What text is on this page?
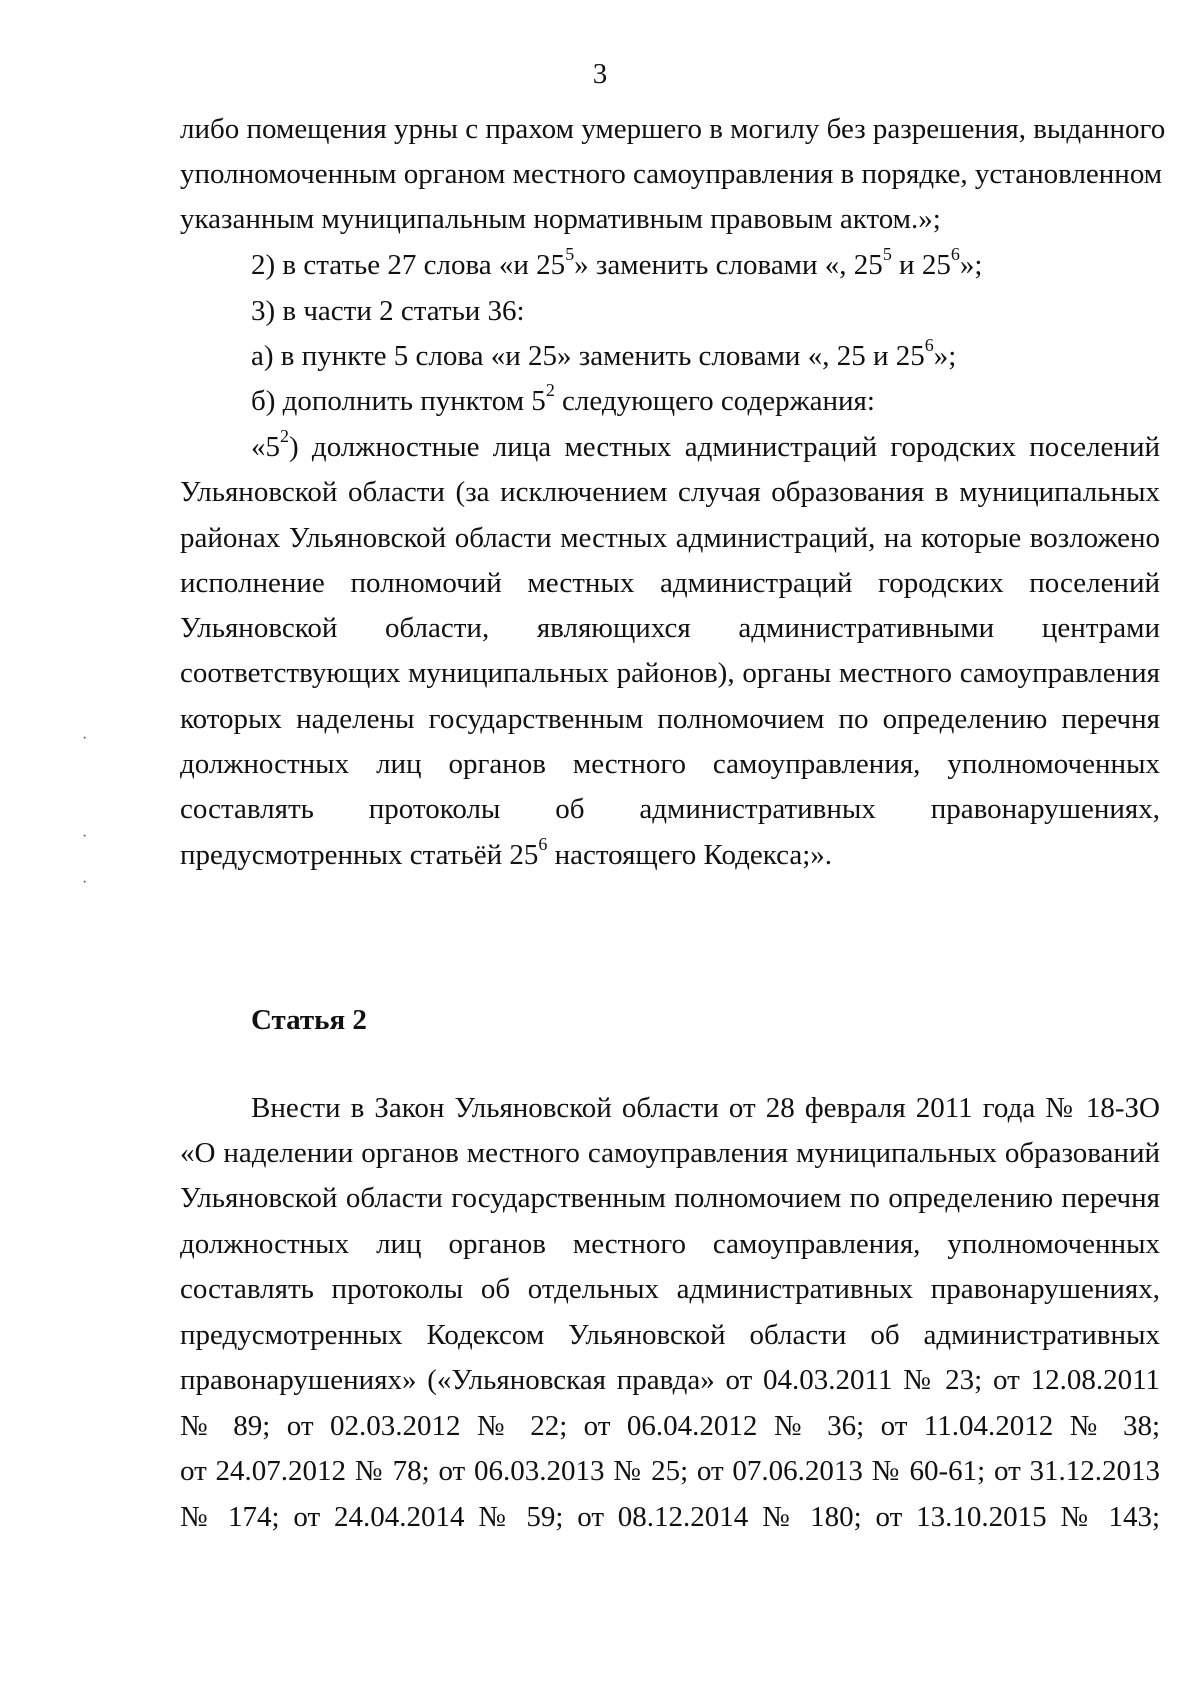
3
либо помещения урны с прахом умершего в могилу без разрешения, выданного
уполномоченным органом местного самоуправления в порядке, установленном
указанным муниципальным нормативным правовым актом.»;
2) в статье 27 слова «и $25^5$» заменить словами «, $25^5$ и $25^6$»;
3) в части 2 статьи 36:
а) в пункте 5 слова «и 25» заменить словами «, 25 и $25^6$»;
б) дополнить пунктом $5^2$ следующего содержания:
«$5^2$) должностные лица местных администраций городских поселений
Ульяновской области (за исключением случая образования в муниципальных
районах Ульяновской области местных администраций, на которые возложено
исполнение полномочий местных администраций городских поселений
Ульяновской области, являющихся административными центрами
соответствующих муниципальных районов), органы местного самоуправления
которых наделены государственным полномочием по определению перечня
должностных лиц органов местного самоуправления, уполномоченных
составлять протоколы об административных правонарушениях,
предусмотренных статьёй $25^6$ настоящего Кодекса;».
Статья 2
Внести в Закон Ульяновской области от 28 февраля 2011 года № 18-ЗО
«О наделении органов местного самоуправления муниципальных образований
Ульяновской области государственным полномочием по определению перечня
должностных лиц органов местного самоуправления, уполномоченных
составлять протоколы об отдельных административных правонарушениях,
предусмотренных Кодексом Ульяновской области об административных
правонарушениях» («Ульяновская правда» от 04.03.2011 № 23; от 12.08.2011
№ 89; от 02.03.2012 № 22; от 06.04.2012 № 36; от 11.04.2012 № 38;
от 24.07.2012 № 78; от 06.03.2013 № 25; от 07.06.2013 № 60-61; от 31.12.2013
№ 174; от 24.04.2014 № 59; от 08.12.2014 № 180; от 13.10.2015 № 143;
·
·
·
